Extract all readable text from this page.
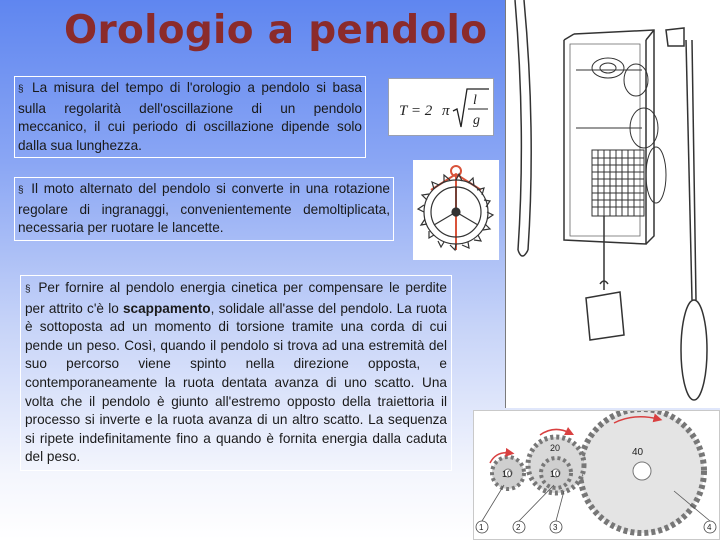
Orologio a pendolo
§ La misura del tempo di l'orologio a pendolo si basa sulla regolarità dell'oscillazione di un pendolo meccanico, il cui periodo di oscillazione dipende solo dalla sua lunghezza.
T = 2 π
l
g
§ Il moto alternato del pendolo si converte in una rotazione regolare di ingranaggi, convenientemente demoltiplicata, necessaria per ruotare le lancette.
§ Per fornire al pendolo energia cinetica per compensare le perdite per attrito c'è lo scappamento, solidale all'asse del pendolo. La ruota è sottoposta ad un momento di torsione tramite una corda di cui pende un peso. Così, quando il pendolo si trova ad una estremità del suo percorso viene spinto nella direzione opposta, e contemporaneamente la ruota dentata avanza di uno scatto. Una volta che il pendolo è giunto all'estremo opposto della traiettoria il processo si inverte e la ruota avanza di un altro scatto. La sequenza si ripete indefinitamente fino a quando è fornita energia dalla caduta del peso.
10	10
20	40
1	2	3	4
